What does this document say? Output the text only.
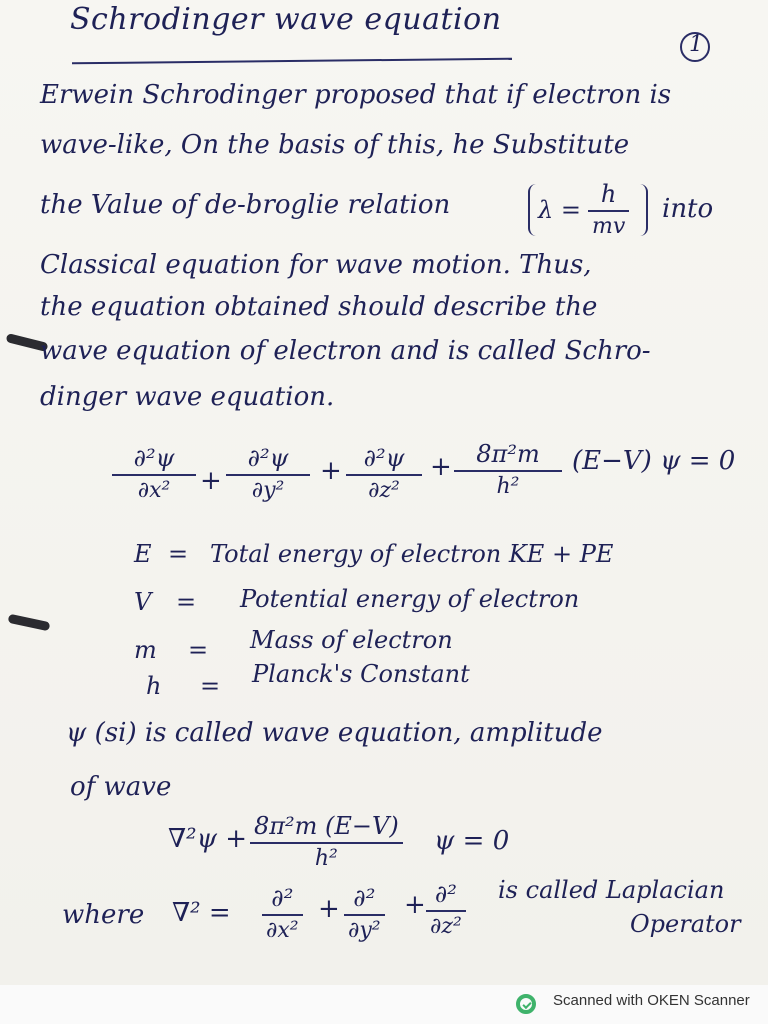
Schrodinger wave equation
1
Erwein Schrodinger proposed that if electron is
wave-like, On the basis of this, he Substitute
the Value of de-broglie relation	λ =
h
mv
into
Classical equation for wave motion. Thus,
the equation obtained should describe the
wave equation of electron and is called Schro-
dinger wave equation.
∂²ψ
∂x² +
∂²ψ
∂y²
+ ∂²ψ
∂z²
+ 8π²m
h²
(E−V) ψ = 0
E = Total energy of electron KE + PE
V = Potential energy of electron
m = Mass of electron
h = Planck's Constant
ψ (si) is called wave equation, amplitude
of wave
∇²ψ + 8π²m (E−V)
h²
ψ = 0
where ∇² = ∂²
∂x²
+ ∂²
∂y²
+ ∂²
∂z²
is called Laplacian
Operator
Scanned with OKEN Scanner
